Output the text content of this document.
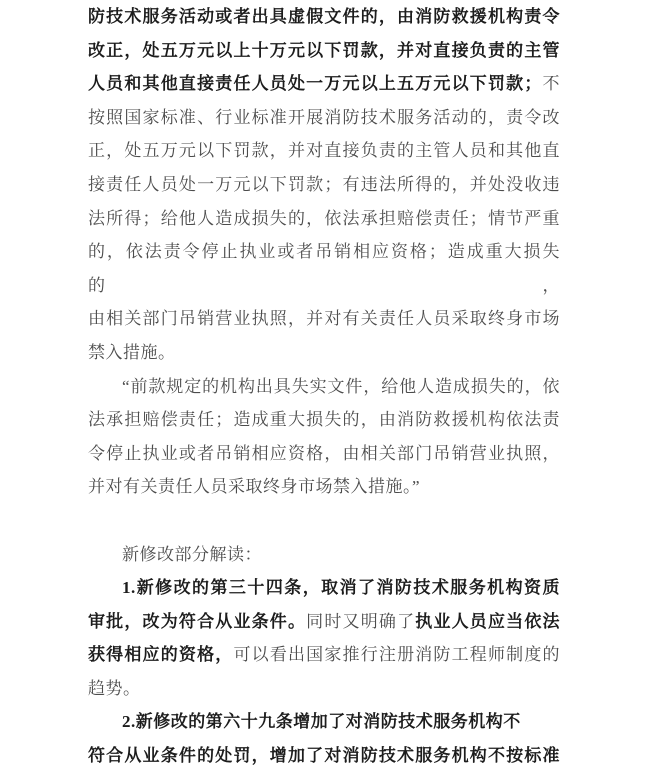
防技术服务活动或者出具虚假文件的，由消防救援机构责令
改正，处五万元以上十万元以下罚款，并对直接负责的主管
人员和其他直接责任人员处一万元以上五万元以下罚款；不
按照国家标准、行业标准开展消防技术服务活动的，责令改
正，处五万元以下罚款，并对直接负责的主管人员和其他直
接责任人员处一万元以下罚款；有违法所得的，并处没收违
法所得；给他人造成损失的，依法承担赔偿责任；情节严重
的，依法责令停止执业或者吊销相应资格；造成重大损失的，
由相关部门吊销营业执照，并对有关责任人员采取终身市场
禁入措施。
“前款规定的机构出具失实文件，给他人造成损失的，依
法承担赔偿责任；造成重大损失的，由消防救援机构依法责
令停止执业或者吊销相应资格，由相关部门吊销营业执照，
并对有关责任人员采取终身市场禁入措施。”

新修改部分解读：
1.新修改的第三十四条，取消了消防技术服务机构资质
审批，改为符合从业条件。同时又明确了执业人员应当依法
获得相应的资格，可以看出国家推行注册消防工程师制度的
趋势。
2.新修改的第六十九条增加了对消防技术服务机构不
符合从业条件的处罚，增加了对消防技术服务机构不按标准
